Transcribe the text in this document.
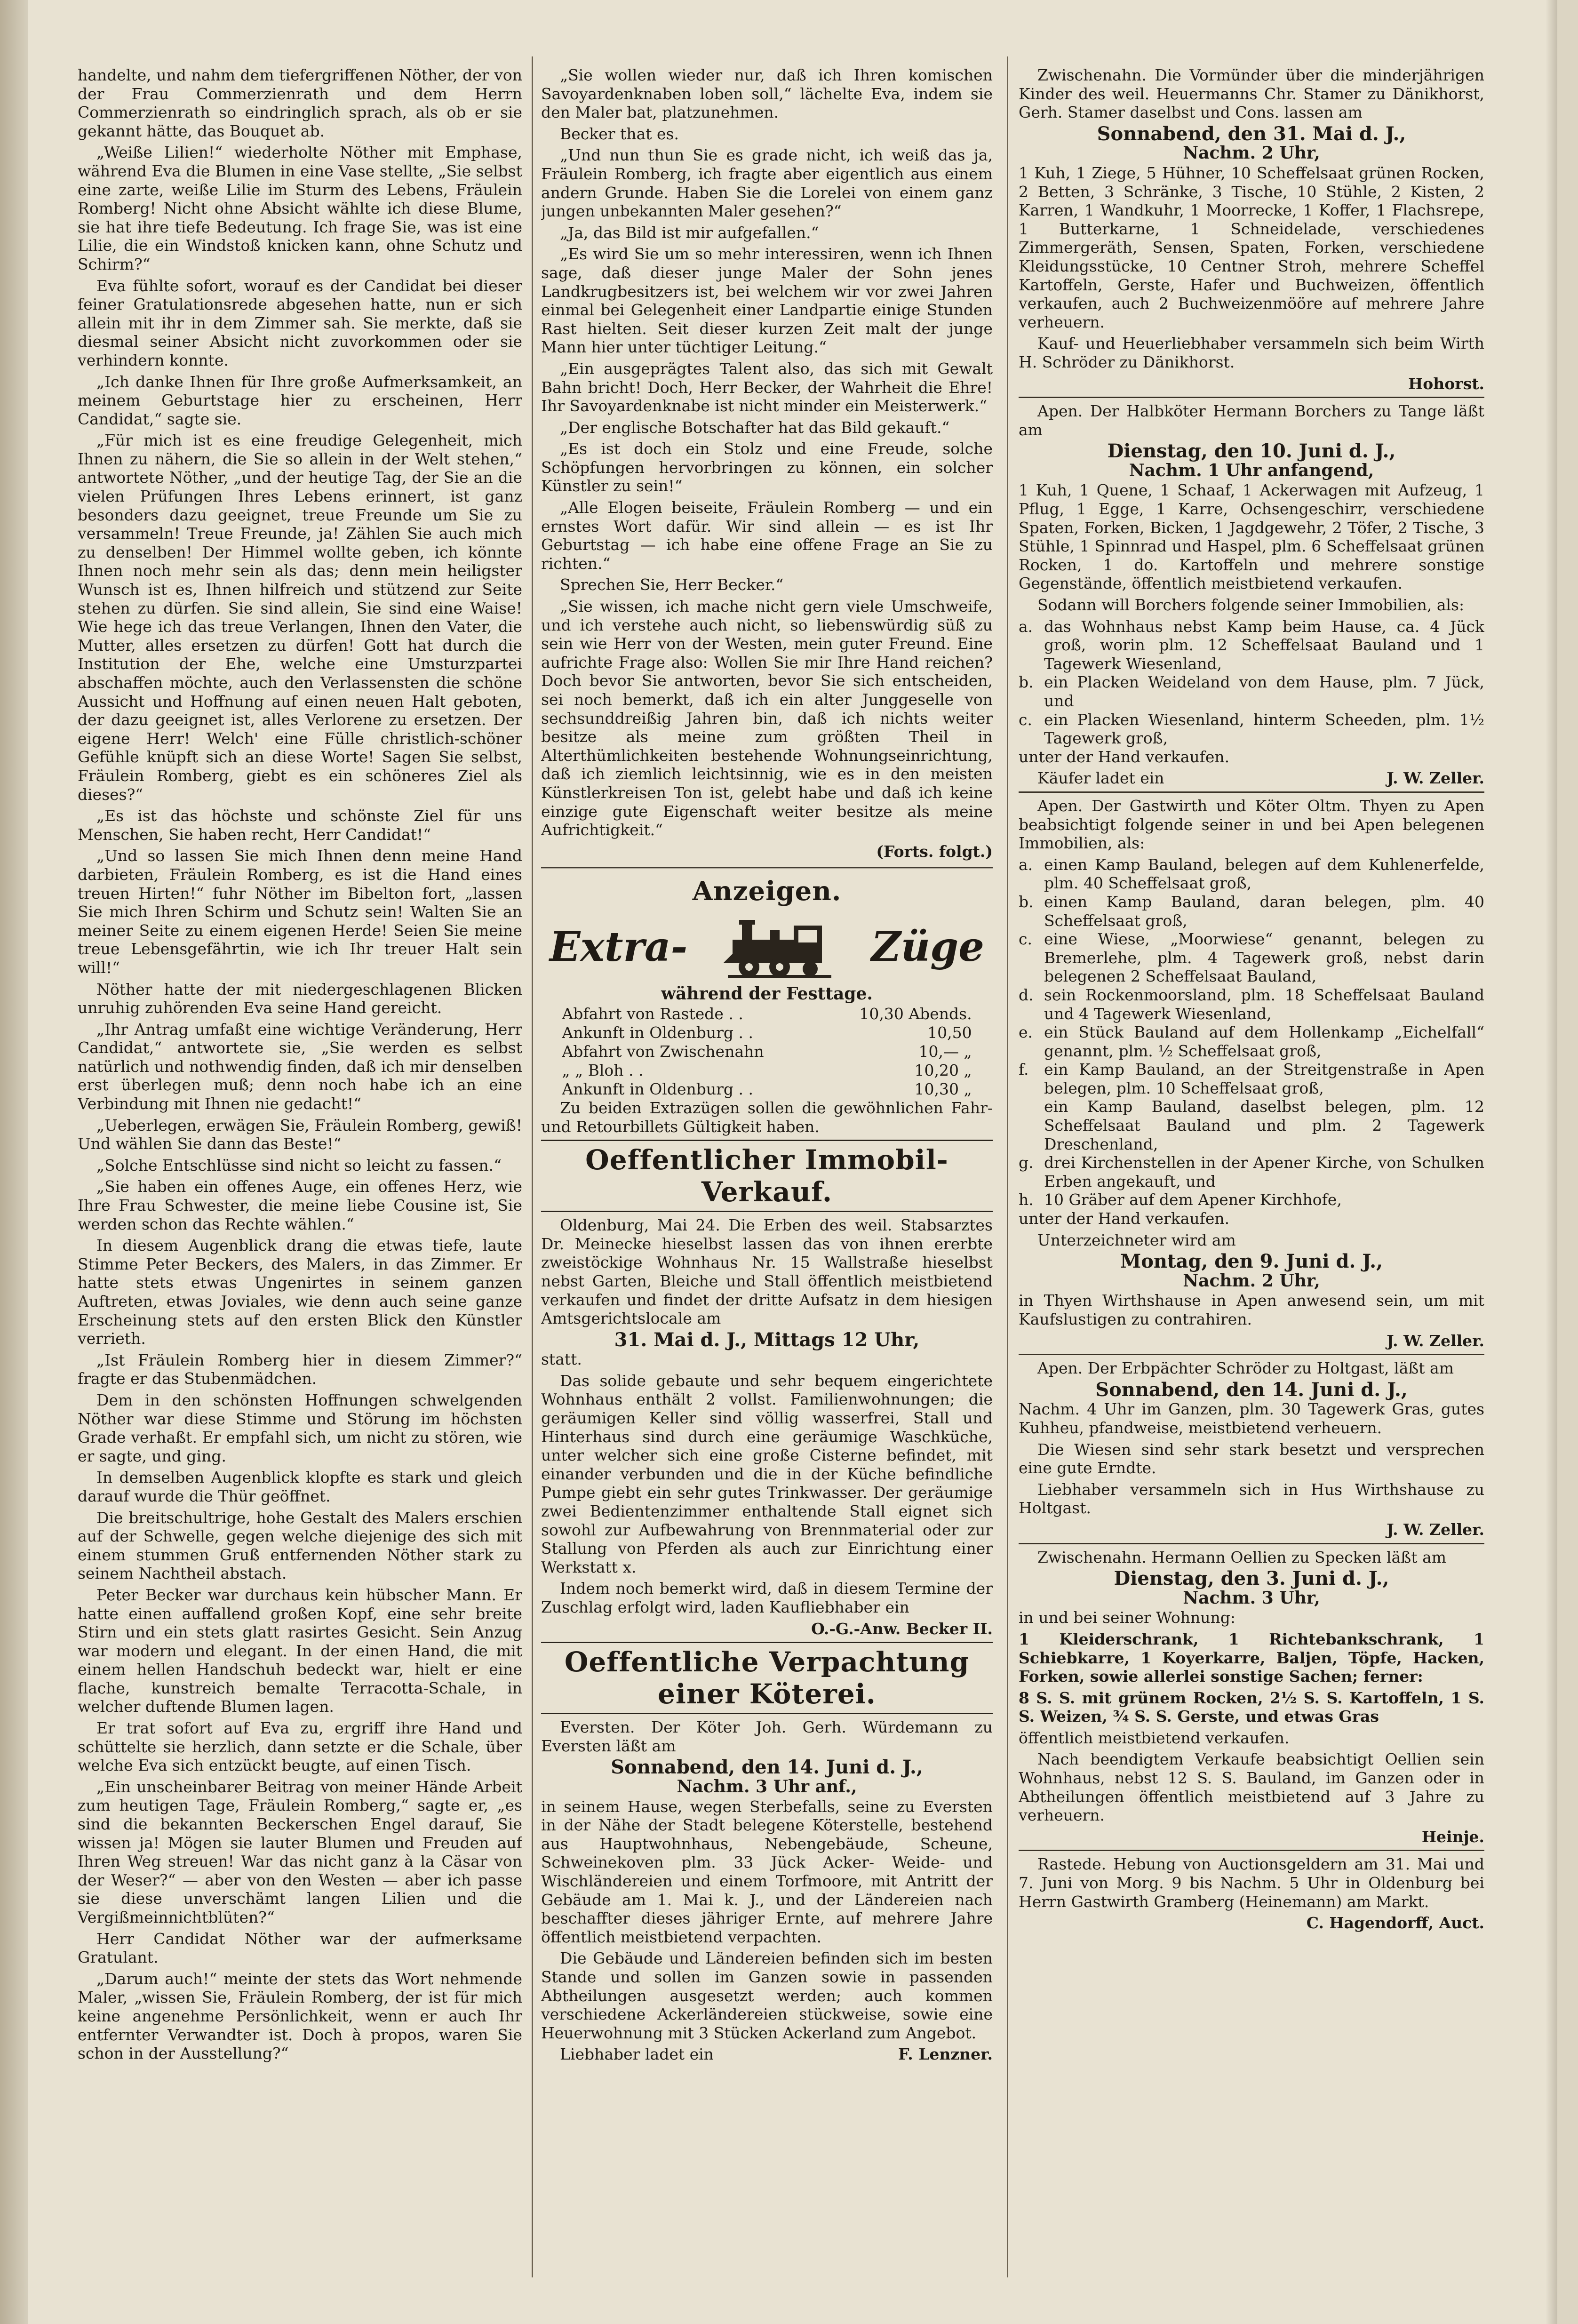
handelte, und nahm dem tiefergriffenen Nöther, der von der Frau Commerzienrath und dem Herrn Commerzienrath so eindringlich sprach, als ob er sie gekannt hätte, das Bouquet ab.

„Weiße Lilien!“ wiederholte Nöther mit Emphase, während Eva die Blumen in eine Vase stellte, „Sie selbst eine zarte, weiße Lilie im Sturm des Lebens, Fräulein Romberg! Nicht ohne Absicht wählte ich diese Blume, sie hat ihre tiefe Bedeutung. Ich frage Sie, was ist eine Lilie, die ein Windstoß knicken kann, ohne Schutz und Schirm?“

Eva fühlte sofort, worauf es der Candidat bei dieser feiner Gratulationsrede abgesehen hatte, nun er sich allein mit ihr in dem Zimmer sah. Sie merkte, daß sie diesmal seiner Absicht nicht zuvorkommen oder sie verhindern konnte.

„Ich danke Ihnen für Ihre große Aufmerksamkeit, an meinem Geburtstage hier zu erscheinen, Herr Candidat,“ sagte sie.

„Für mich ist es eine freudige Gelegenheit, mich Ihnen zu nähern, die Sie so allein in der Welt stehen,“ antwortete Nöther, „und der heutige Tag, der Sie an die vielen Prüfungen Ihres Lebens erinnert, ist ganz besonders dazu geeignet, treue Freunde um Sie zu versammeln! Treue Freunde, ja! Zählen Sie auch mich zu denselben! Der Himmel wollte geben, ich könnte Ihnen noch mehr sein als das; denn mein heiligster Wunsch ist es, Ihnen hilfreich und stützend zur Seite stehen zu dürfen. Sie sind allein, Sie sind eine Waise! Wie hege ich das treue Verlangen, Ihnen den Vater, die Mutter, alles ersetzen zu dürfen! Gott hat durch die Institution der Ehe, welche eine Umsturzpartei abschaffen möchte, auch den Verlassensten die schöne Aussicht und Hoffnung auf einen neuen Halt geboten, der dazu geeignet ist, alles Verlorene zu ersetzen. Der eigene Herr! Welch' eine Fülle christlich-schöner Gefühle knüpft sich an diese Worte! Sagen Sie selbst, Fräulein Romberg, giebt es ein schöneres Ziel als dieses?“

„Es ist das höchste und schönste Ziel für uns Menschen, Sie haben recht, Herr Candidat!“

„Und so lassen Sie mich Ihnen denn meine Hand darbieten, Fräulein Romberg, es ist die Hand eines treuen Hirten!“ fuhr Nöther im Bibelton fort, „lassen Sie mich Ihren Schirm und Schutz sein! Walten Sie an meiner Seite zu einem eigenen Herde! Seien Sie meine treue Lebensgefährtin, wie ich Ihr treuer Halt sein will!“

Nöther hatte der mit niedergeschlagenen Blicken unruhig zuhörenden Eva seine Hand gereicht.

„Ihr Antrag umfaßt eine wichtige Veränderung, Herr Candidat,“ antwortete sie, „Sie werden es selbst natürlich und nothwendig finden, daß ich mir denselben erst überlegen muß; denn noch habe ich an eine Verbindung mit Ihnen nie gedacht!“

„Ueberlegen, erwägen Sie, Fräulein Romberg, gewiß! Und wählen Sie dann das Beste!“

„Solche Entschlüsse sind nicht so leicht zu fassen.“

„Sie haben ein offenes Auge, ein offenes Herz, wie Ihre Frau Schwester, die meine liebe Cousine ist, Sie werden schon das Rechte wählen.“

In diesem Augenblick drang die etwas tiefe, laute Stimme Peter Beckers, des Malers, in das Zimmer. Er hatte stets etwas Ungenirtes in seinem ganzen Auftreten, etwas Joviales, wie denn auch seine ganze Erscheinung stets auf den ersten Blick den Künstler verrieth.

„Ist Fräulein Romberg hier in diesem Zimmer?“ fragte er das Stubenmädchen.

Dem in den schönsten Hoffnungen schwelgenden Nöther war diese Stimme und Störung im höchsten Grade verhaßt. Er empfahl sich, um nicht zu stören, wie er sagte, und ging.

In demselben Augenblick klopfte es stark und gleich darauf wurde die Thür geöffnet.

Die breitschultrige, hohe Gestalt des Malers erschien auf der Schwelle, gegen welche diejenige des sich mit einem stummen Gruß entfernenden Nöther stark zu seinem Nachtheil abstach.

Peter Becker war durchaus kein hübscher Mann. Er hatte einen auffallend großen Kopf, eine sehr breite Stirn und ein stets glatt rasirtes Gesicht. Sein Anzug war modern und elegant. In der einen Hand, die mit einem hellen Handschuh bedeckt war, hielt er eine flache, kunstreich bemalte Terracotta-Schale, in welcher duftende Blumen lagen.

Er trat sofort auf Eva zu, ergriff ihre Hand und schüttelte sie herzlich, dann setzte er die Schale, über welche Eva sich entzückt beugte, auf einen Tisch.

„Ein unscheinbarer Beitrag von meiner Hände Arbeit zum heutigen Tage, Fräulein Romberg,“ sagte er, „es sind die bekannten Beckerschen Engel darauf, Sie wissen ja! Mögen sie lauter Blumen und Freuden auf Ihren Weg streuen! War das nicht ganz à la Cäsar von der Weser?“ — aber von den Westen — aber ich passe sie diese unverschämt langen Lilien und die Vergißmeinnichtblüten?“

Herr Candidat Nöther war der aufmerksame Gratulant.

„Darum auch!“ meinte der stets das Wort nehmende Maler, „wissen Sie, Fräulein Romberg, der ist für mich keine angenehme Persönlichkeit, wenn er auch Ihr entfernter Verwandter ist. Doch à propos, waren Sie schon in der Ausstellung?“

„Sie wollen wieder nur, daß ich Ihren komischen Savoyardenknaben loben soll,“ lächelte Eva, indem sie den Maler bat, platzunehmen.

Becker that es.

„Und nun thun Sie es grade nicht, ich weiß das ja, Fräulein Romberg, ich fragte aber eigentlich aus einem andern Grunde. Haben Sie die Lorelei von einem ganz jungen unbekannten Maler gesehen?“

„Ja, das Bild ist mir aufgefallen.“

„Es wird Sie um so mehr interessiren, wenn ich Ihnen sage, daß dieser junge Maler der Sohn jenes Landkrugbesitzers ist, bei welchem wir vor zwei Jahren einmal bei Gelegenheit einer Landpartie einige Stunden Rast hielten. Seit dieser kurzen Zeit malt der junge Mann hier unter tüchtiger Leitung.“

„Ein ausgeprägtes Talent also, das sich mit Gewalt Bahn bricht! Doch, Herr Becker, der Wahrheit die Ehre! Ihr Savoyardenknabe ist nicht minder ein Meisterwerk.“

„Der englische Botschafter hat das Bild gekauft.“

„Es ist doch ein Stolz und eine Freude, solche Schöpfungen hervorbringen zu können, ein solcher Künstler zu sein!“

„Alle Elogen beiseite, Fräulein Romberg — und ein ernstes Wort dafür. Wir sind allein — es ist Ihr Geburtstag — ich habe eine offene Frage an Sie zu richten.“

Sprechen Sie, Herr Becker.“

„Sie wissen, ich mache nicht gern viele Umschweife, und ich verstehe auch nicht, so liebenswürdig süß zu sein wie Herr von der Westen, mein guter Freund. Eine aufrichte Frage also: Wollen Sie mir Ihre Hand reichen? Doch bevor Sie antworten, bevor Sie sich entscheiden, sei noch bemerkt, daß ich ein alter Junggeselle von sechsunddreißig Jahren bin, daß ich nichts weiter besitze als meine zum größten Theil in Alterthümlichkeiten bestehende Wohnungseinrichtung, daß ich ziemlich leichtsinnig, wie es in den meisten Künstlerkreisen Ton ist, gelebt habe und daß ich keine einzige gute Eigenschaft weiter besitze als meine Aufrichtigkeit.“

(Forts. folgt.)

Anzeigen.
Extra-	Züge

während der Festtage.

Abfahrt von Rastede . .	10,30 Abends.
Ankunft in Oldenburg . .	10,50
Abfahrt von Zwischenahn	10,— „
„ „ Bloh . .	10,20 „
Ankunft in Oldenburg . .	10,30 „

Zu beiden Extrazügen sollen die gewöhnlichen Fahr- und Retourbillets Gültigkeit haben.

Oeffentlicher Immobil-Verkauf.

Oldenburg, Mai 24. Die Erben des weil. Stabsarztes Dr. Meinecke hieselbst lassen das von ihnen ererbte zweistöckige Wohnhaus Nr. 15 Wallstraße hieselbst nebst Garten, Bleiche und Stall öffentlich meistbietend verkaufen und findet der dritte Aufsatz in dem hiesigen Amtsgerichtslocale am

31. Mai d. J., Mittags 12 Uhr,

statt.

Das solide gebaute und sehr bequem eingerichtete Wohnhaus enthält 2 vollst. Familienwohnungen; die geräumigen Keller sind völlig wasserfrei, Stall und Hinterhaus sind durch eine geräumige Waschküche, unter welcher sich eine große Cisterne befindet, mit einander verbunden und die in der Küche befindliche Pumpe giebt ein sehr gutes Trinkwasser. Der geräumige zwei Bedientenzimmer enthaltende Stall eignet sich sowohl zur Aufbewahrung von Brennmaterial oder zur Stallung von Pferden als auch zur Einrichtung einer Werkstatt x.

Indem noch bemerkt wird, daß in diesem Termine der Zuschlag erfolgt wird, laden Kaufliebhaber ein

O.-G.-Anw. Becker II.

Oeffentliche Verpachtung einer Köterei.

Eversten. Der Köter Joh. Gerh. Würdemann zu Eversten läßt am

Sonnabend, den 14. Juni d. J.,

Nachm. 3 Uhr anf.,

in seinem Hause, wegen Sterbefalls, seine zu Eversten in der Nähe der Stadt belegene Köterstelle, bestehend aus Hauptwohnhaus, Nebengebäude, Scheune, Schweinekoven plm. 33 Jück Acker- Weide- und Wischländereien und einem Torfmoore, mit Antritt der Gebäude am 1. Mai k. J., und der Ländereien nach beschaffter dieses jähriger Ernte, auf mehrere Jahre öffentlich meistbietend verpachten.

Die Gebäude und Ländereien befinden sich im besten Stande und sollen im Ganzen sowie in passenden Abtheilungen ausgesetzt werden; auch kommen verschiedene Ackerländereien stückweise, sowie eine Heuerwohnung mit 3 Stücken Ackerland zum Angebot.

Liebhaber ladet ein	F. Lenzner.

Zwischenahn. Die Vormünder über die minderjährigen Kinder des weil. Heuermanns Chr. Stamer zu Dänikhorst, Gerh. Stamer daselbst und Cons. lassen am

Sonnabend, den 31. Mai d. J.,

Nachm. 2 Uhr,

1 Kuh, 1 Ziege, 5 Hühner, 10 Scheffelsaat grünen Rocken, 2 Betten, 3 Schränke, 3 Tische, 10 Stühle, 2 Kisten, 2 Karren, 1 Wandkuhr, 1 Moorrecke, 1 Koffer, 1 Flachsrepe, 1 Butterkarne, 1 Schneidelade, verschiedenes Zimmergeräth, Sensen, Spaten, Forken, verschiedene Kleidungsstücke, 10 Centner Stroh, mehrere Scheffel Kartoffeln, Gerste, Hafer und Buchweizen, öffentlich verkaufen, auch 2 Buchweizenmööre auf mehrere Jahre verheuern.

Kauf- und Heuerliebhaber versammeln sich beim Wirth H. Schröder zu Dänikhorst.

Hohorst.

Apen. Der Halbköter Hermann Borchers zu Tange läßt am

Dienstag, den 10. Juni d. J.,

Nachm. 1 Uhr anfangend,

1 Kuh, 1 Quene, 1 Schaaf, 1 Ackerwagen mit Aufzeug, 1 Pflug, 1 Egge, 1 Karre, Ochsengeschirr, verschiedene Spaten, Forken, Bicken, 1 Jagdgewehr, 2 Töfer, 2 Tische, 3 Stühle, 1 Spinnrad und Haspel, plm. 6 Scheffelsaat grünen Rocken, 1 do. Kartoffeln und mehrere sonstige Gegenstände, öffentlich meistbietend verkaufen.

Sodann will Borchers folgende seiner Immobilien, als:

a. das Wohnhaus nebst Kamp beim Hause, ca. 4 Jück groß, worin plm. 12 Scheffelsaat Bauland und 1 Tagewerk Wiesenland,
b. ein Placken Weideland von dem Hause, plm. 7 Jück, und
c. ein Placken Wiesenland, hinterm Scheeden, plm. 1½ Tagewerk groß,

unter der Hand verkaufen.

Käufer ladet ein	J. W. Zeller.

Apen. Der Gastwirth und Köter Oltm. Thyen zu Apen beabsichtigt folgende seiner in und bei Apen belegenen Immobilien, als:

a. einen Kamp Bauland, belegen auf dem Kuhlenerfelde, plm. 40 Scheffelsaat groß,
b. einen Kamp Bauland, daran belegen, plm. 40 Scheffelsaat groß,
c. eine Wiese, „Moorwiese“ genannt, belegen zu Bremerlehe, plm. 4 Tagewerk groß, nebst darin belegenen 2 Scheffelsaat Bauland,
d. sein Rockenmoorsland, plm. 18 Scheffelsaat Bauland und 4 Tagewerk Wiesenland,
e. ein Stück Bauland auf dem Hollenkamp „Eichelfall“ genannt, plm. ½ Scheffelsaat groß,
f. ein Kamp Bauland, an der Streitgenstraße in Apen belegen, plm. 10 Scheffelsaat groß,
ein Kamp Bauland, daselbst belegen, plm. 12 Scheffelsaat Bauland und plm. 2 Tagewerk Dreschenland,
g. drei Kirchenstellen in der Apener Kirche, von Schulken Erben angekauft, und
h. 10 Gräber auf dem Apener Kirchhofe,

unter der Hand verkaufen.

Unterzeichneter wird am

Montag, den 9. Juni d. J.,

Nachm. 2 Uhr,

in Thyen Wirthshause in Apen anwesend sein, um mit Kaufslustigen zu contrahiren.

J. W. Zeller.

Apen. Der Erbpächter Schröder zu Holtgast, läßt am

Sonnabend, den 14. Juni d. J.,

Nachm. 4 Uhr im Ganzen, plm. 30 Tagewerk Gras, gutes Kuhheu, pfandweise, meistbietend verheuern.

Die Wiesen sind sehr stark besetzt und versprechen eine gute Erndte.

Liebhaber versammeln sich in Hus Wirthshause zu Holtgast.

J. W. Zeller.

Zwischenahn. Hermann Oellien zu Specken läßt am

Dienstag, den 3. Juni d. J.,

Nachm. 3 Uhr,

in und bei seiner Wohnung:

1 Kleiderschrank, 1 Richtebankschrank, 1 Schiebkarre, 1 Koyerkarre, Baljen, Töpfe, Hacken, Forken, sowie allerlei sonstige Sachen; ferner:

8 S. S. mit grünem Rocken, 2½ S. S. Kartoffeln, 1 S. S. Weizen, ¾ S. S. Gerste, und etwas Gras

öffentlich meistbietend verkaufen.

Nach beendigtem Verkaufe beabsichtigt Oellien sein Wohnhaus, nebst 12 S. S. Bauland, im Ganzen oder in Abtheilungen öffentlich meistbietend auf 3 Jahre zu verheuern.

Heinje.

Rastede. Hebung von Auctionsgeldern am 31. Mai und 7. Juni von Morg. 9 bis Nachm. 5 Uhr in Oldenburg bei Herrn Gastwirth Gramberg (Heinemann) am Markt.

C. Hagendorff, Auct.
